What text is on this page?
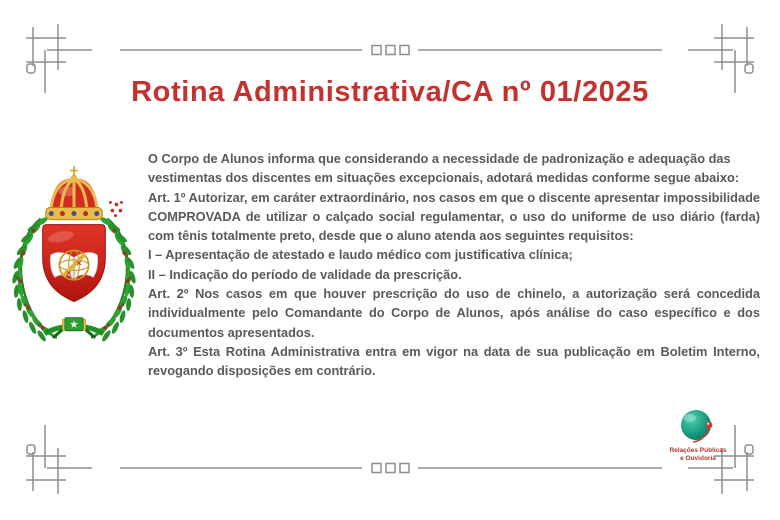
Rotina Administrativa/CA nº 01/2025

O Corpo de Alunos informa que considerando a necessidade de padronização e adequação das vestimentas dos discentes em situações excepcionais, adotará medidas conforme segue abaixo:

Art. 1º Autorizar, em caráter extraordinário, nos casos em que o discente apresentar impossibilidade COMPROVADA de utilizar o calçado social regulamentar, o uso do uniforme de uso diário (farda) com tênis totalmente preto, desde que o aluno atenda aos seguintes requisitos:

I – Apresentação de atestado e laudo médico com justificativa clínica;

II – Indicação do período de validade da prescrição.

Art. 2º Nos casos em que houver prescrição do uso de chinelo, a autorização será concedida individualmente pelo Comandante do Corpo de Alunos, após análise do caso específico e dos documentos apresentados.

Art. 3º Esta Rotina Administrativa entra em vigor na data de sua publicação em Boletim Interno, revogando disposições em contrário.

Relações Públicas
e Ouvidoria
